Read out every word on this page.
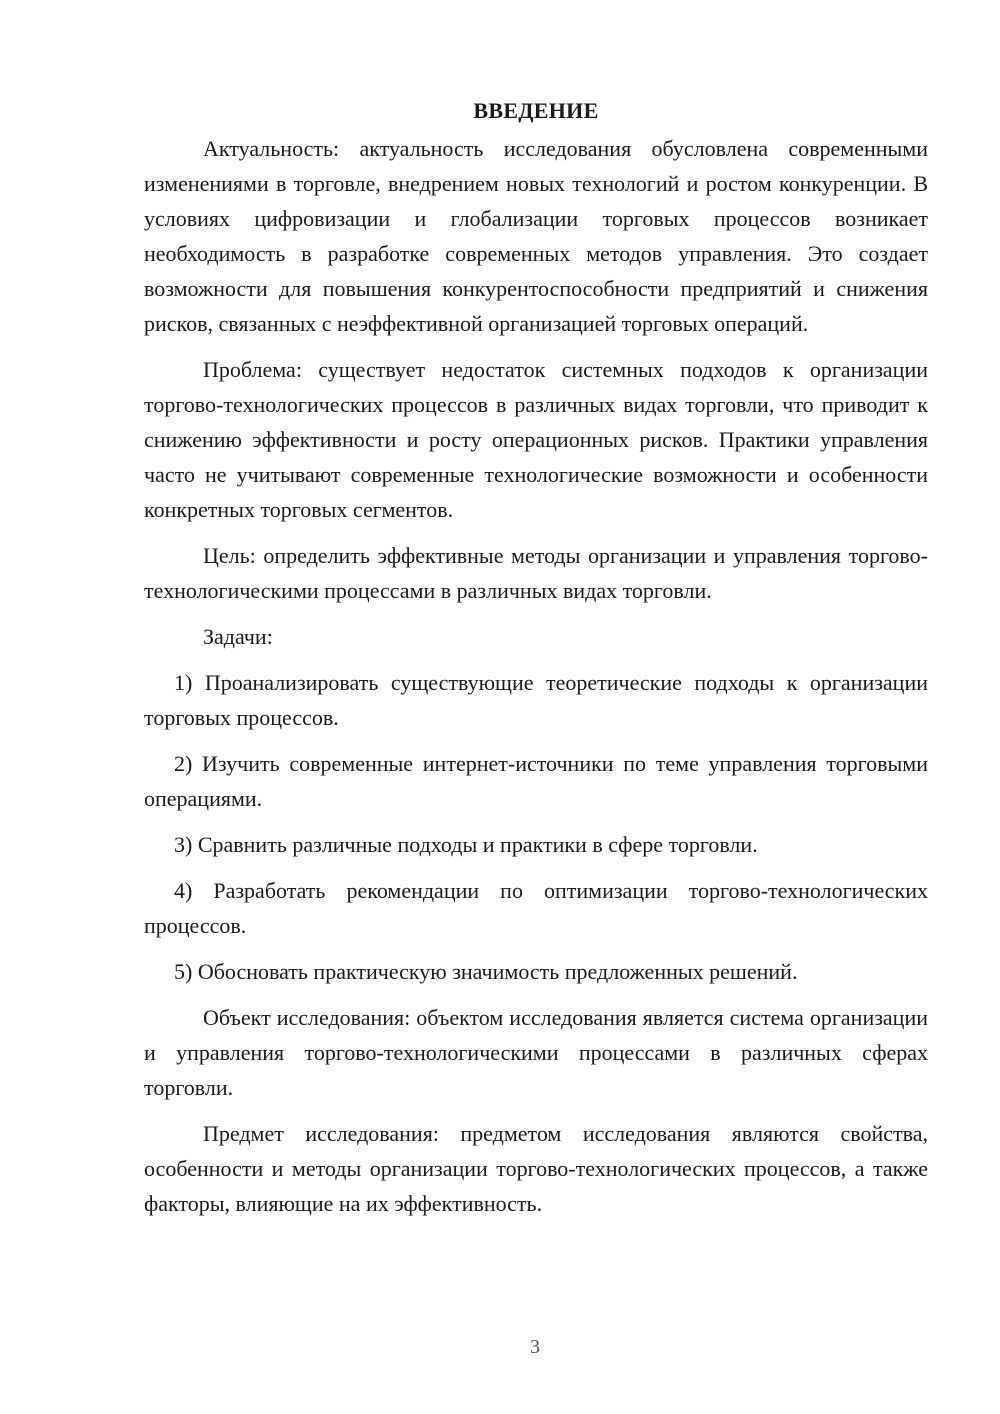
ВВЕДЕНИЕ

Актуальность: актуальность исследования обусловлена современными изменениями в торговле, внедрением новых технологий и ростом конкуренции. В условиях цифровизации и глобализации торговых процессов возникает необходимость в разработке современных методов управления. Это создает возможности для повышения конкурентоспособности предприятий и снижения рисков, связанных с неэффективной организацией торговых операций.

Проблема: существует недостаток системных подходов к организации торгово-технологических процессов в различных видах торговли, что приводит к снижению эффективности и росту операционных рисков. Практики управления часто не учитывают современные технологические возможности и особенности конкретных торговых сегментов.

Цель: определить эффективные методы организации и управления торгово-технологическими процессами в различных видах торговли.

Задачи:

1) Проанализировать существующие теоретические подходы к организации торговых процессов.

2) Изучить современные интернет-источники по теме управления торговыми операциями.

3) Сравнить различные подходы и практики в сфере торговли.

4) Разработать рекомендации по оптимизации торгово-технологических процессов.

5) Обосновать практическую значимость предложенных решений.

Объект исследования: объектом исследования является система организации и управления торгово-технологическими процессами в различных сферах торговли.

Предмет исследования: предметом исследования являются свойства, особенности и методы организации торгово-технологических процессов, а также факторы, влияющие на их эффективность.

3
